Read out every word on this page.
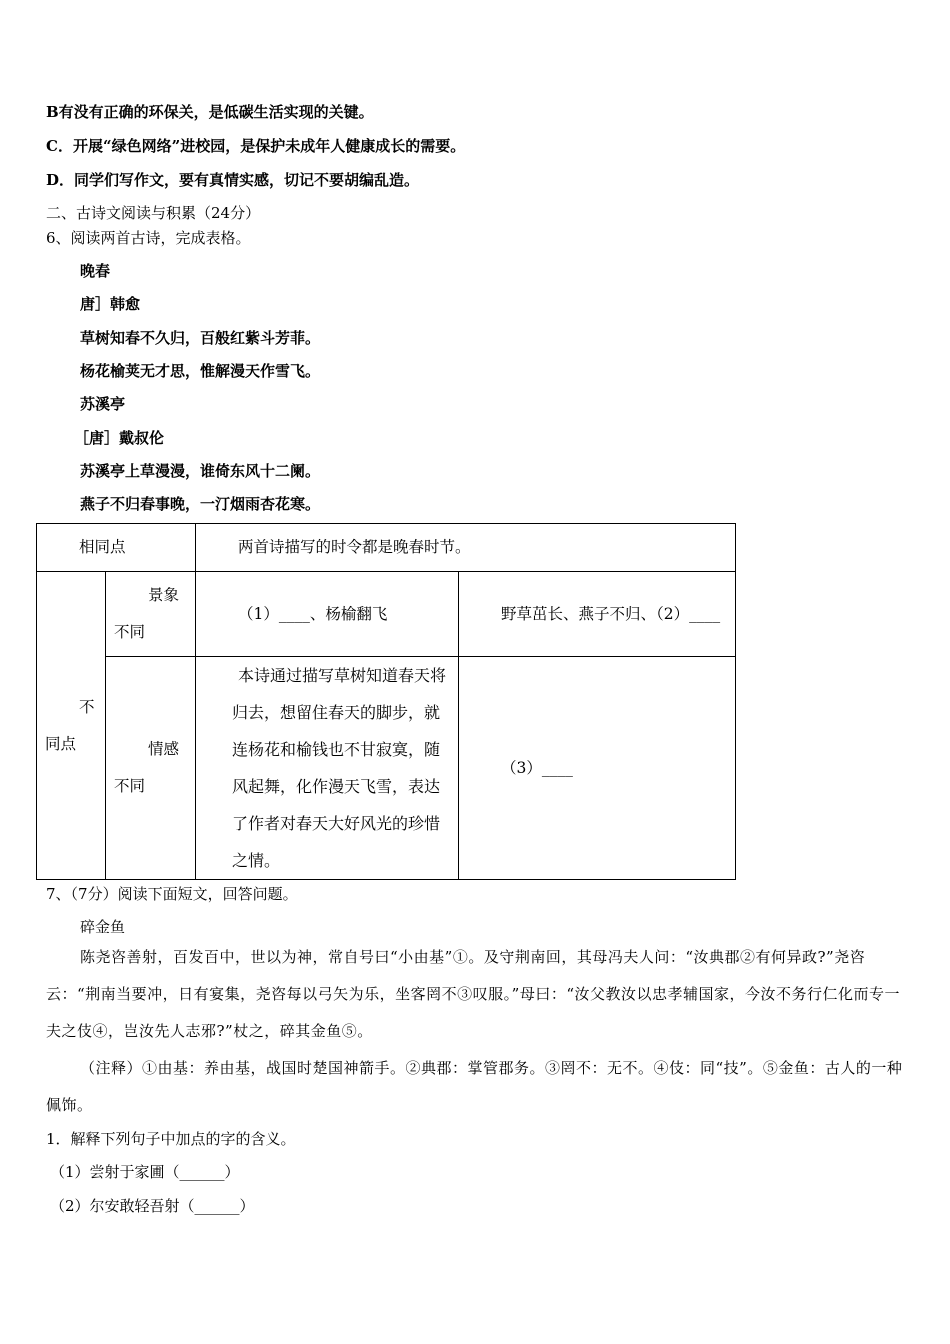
B有没有正确的环保关，是低碳生活实现的关键。
C．开展“绿色网络”进校园，是保护未成年人健康成长的需要。
D．同学们写作文，要有真情实感，切记不要胡编乱造。
二、古诗文阅读与积累（24分）
6、阅读两首古诗，完成表格。
晚春
唐］韩愈
草树知春不久归，百般红紫斗芳菲。
杨花榆荚无才思，惟解漫天作雪飞。
苏溪亭
［唐］戴叔伦
苏溪亭上草漫漫，谁倚东风十二阑。
燕子不归春事晚，一汀烟雨杏花寒。
相同点		两首诗描写的时令都是晚春时节。	

不同点	景象不同	（1）____、杨榆翻飞	野草茁长、燕子不归、（2）____

	情感不同	本诗通过描写草树知道春天将归去，想留住春天的脚步，就连杨花和榆钱也不甘寂寞，随风起舞，化作漫天飞雪，表达了作者对春天大好风光的珍惜之情。	（3）____
7、（7分）阅读下面短文，回答问题。
碎金鱼

陈尧咨善射，百发百中，世以为神，常自号曰“小由基”①。及守荆南回，其母冯夫人问：“汝典郡②有何异政?”尧咨云：“荆南当要冲，日有宴集，尧咨每以弓矢为乐，坐客罔不③叹服。”母曰：“汝父教汝以忠孝辅国家，今汝不务行仁化而专一夫之伎④，岂汝先人志邪?”杖之，碎其金鱼⑤。

（注释）①由基：养由基，战国时楚国神箭手。②典郡：掌管郡务。③罔不：无不。④伎：同“技”。⑤金鱼：古人的一种佩饰。

1．解释下列句子中加点的字的含义。
（1）尝射于家圃（______）
（2）尔安敢轻吾射（______）
